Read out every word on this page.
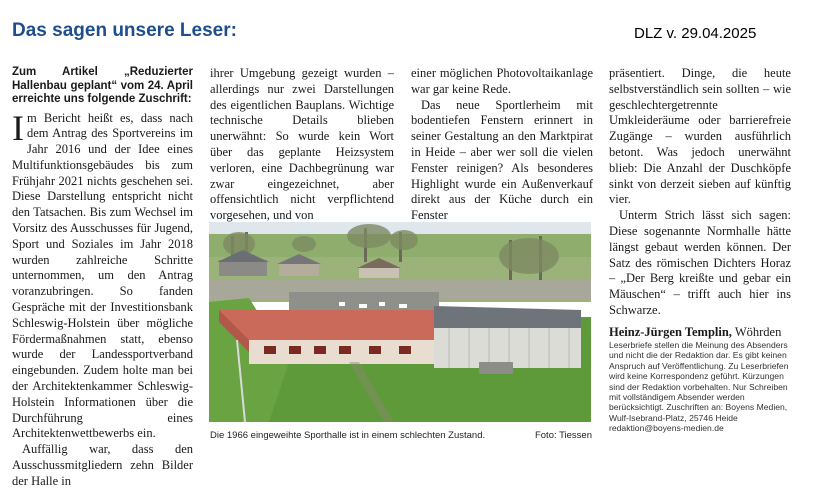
Das sagen unsere Leser:	DLZ v. 29.04.2025

Zum Artikel „Reduzierter Hallenbau geplant“ vom 24. April erreichte uns folgende Zuschrift:

Im Bericht heißt es, dass nach dem Antrag des Sportvereins im Jahr 2016 und der Idee eines Multifunktionsgebäudes bis zum Frühjahr 2021 nichts geschehen sei. Diese Darstellung entspricht nicht den Tatsachen. Bis zum Wechsel im Vorsitz des Ausschusses für Jugend, Sport und Soziales im Jahr 2018 wurden zahlreiche Schritte unternommen, um den Antrag voranzubringen. So fanden Gespräche mit der Investitionsbank Schleswig-Holstein über mögliche Fördermaßnahmen statt, ebenso wurde der Landessportverband eingebunden. Zudem holte man bei der Architektenkammer Schleswig-Holstein Informationen über die Durchführung eines Architektenwettbewerbs ein.

Auffällig war, dass den Ausschussmitgliedern zehn Bilder der Halle in

ihrer Umgebung gezeigt wurden – allerdings nur zwei Darstellungen des eigentlichen Bauplans. Wichtige technische Details blieben unerwähnt: So wurde kein Wort über das geplante Heizsystem verloren, eine Dachbegrünung war zwar eingezeichnet, aber offensichtlich nicht verpflichtend vorgesehen, und von

einer möglichen Photovoltaikanlage war gar keine Rede.

Das neue Sportlerheim mit bodentiefen Fenstern erinnert in seiner Gestaltung an den Marktpirat in Heide – aber wer soll die vielen Fenster reinigen? Als besonderes Highlight wurde ein Außenverkauf direkt aus der Küche durch ein Fenster

präsentiert. Dinge, die heute selbstverständlich sein sollten – wie geschlechtergetrennte Umkleideräume oder barrierefreie Zugänge – wurden ausführlich betont. Was jedoch unerwähnt blieb: Die Anzahl der Duschköpfe sinkt von derzeit sieben auf künftig vier.

Unterm Strich lässt sich sagen: Diese sogenannte Normhalle hätte längst gebaut werden können. Der Satz des römischen Dichters Horaz – „Der Berg kreißte und gebar ein Mäuschen“ – trifft auch hier ins Schwarze.

Heinz-Jürgen Templin, Wöhrden

Die 1966 eingeweihte Sporthalle ist in einem schlechten Zustand.	Foto: Tiessen
Leserbriefe stellen die Meinung des Absenders und nicht die der Redaktion dar. Es gibt keinen Anspruch auf Veröffentlichung. Zu Leserbriefen wird keine Korrespondenz geführt. Kürzungen sind der Redaktion vorbehalten. Nur Schreiben mit vollständigem Absender werden berücksichtigt. Zuschriften an: Boyens Medien, Wulf-Isebrand-Platz, 25746 Heide redaktion@boyens-medien.de
